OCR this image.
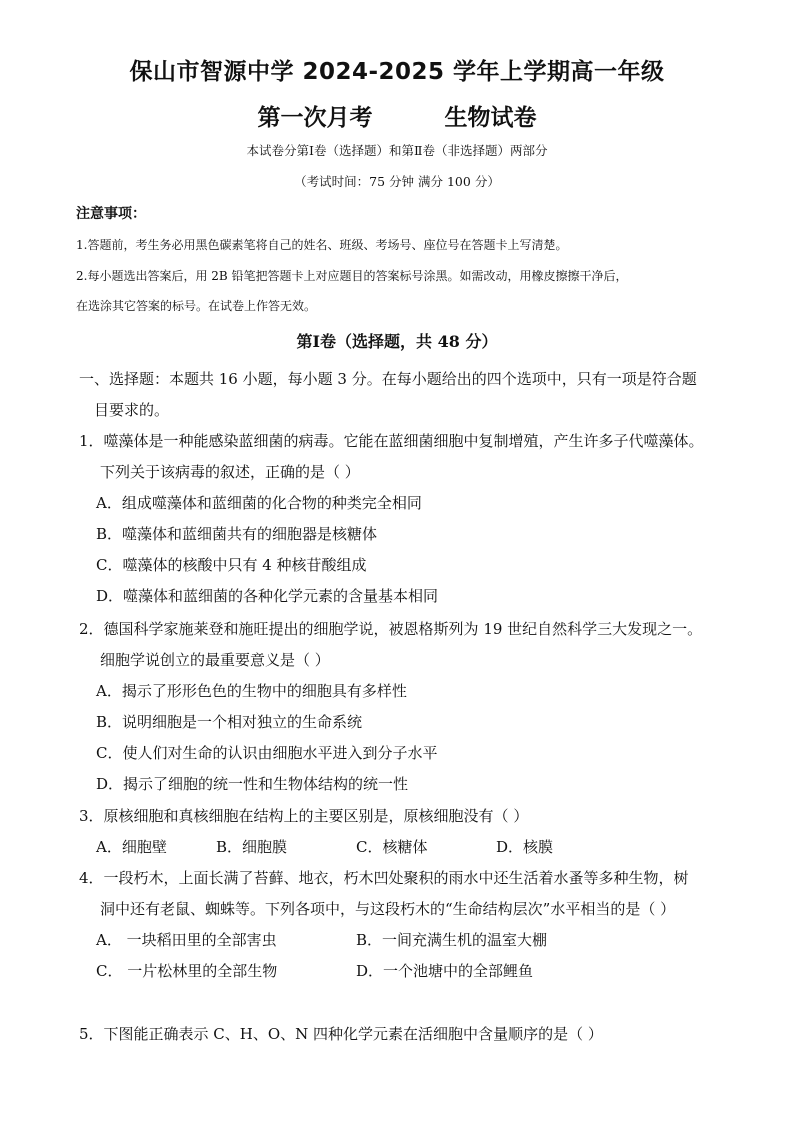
保山市智源中学 2024-2025 学年上学期高一年级
第一次月考         生物试卷
本试卷分第Ⅰ卷（选择题）和第Ⅱ卷（非选择题）两部分
（考试时间：75 分钟 满分 100 分）
注意事项：
1.答题前，考生务必用黑色碳素笔将自己的姓名、班级、考场号、座位号在答题卡上写清楚。
2.每小题选出答案后，用 2B 铅笔把答题卡上对应题目的答案标号涂黑。如需改动，用橡皮擦擦干净后，
在选涂其它答案的标号。在试卷上作答无效。
第Ⅰ卷（选择题，共 48 分）
一、选择题：本题共 16 小题，每小题 3 分。在每小题给出的四个选项中，只有一项是符合题
目要求的。
1．噬藻体是一种能感染蓝细菌的病毒。它能在蓝细菌细胞中复制增殖，产生许多子代噬藻体。
下列关于该病毒的叙述，正确的是（ ）
A．组成噬藻体和蓝细菌的化合物的种类完全相同
B．噬藻体和蓝细菌共有的细胞器是核糖体
C．噬藻体的核酸中只有 4 种核苷酸组成
D．噬藻体和蓝细菌的各种化学元素的含量基本相同
2．德国科学家施莱登和施旺提出的细胞学说，被恩格斯列为 19 世纪自然科学三大发现之一。
细胞学说创立的最重要意义是（ ）
A．揭示了形形色色的生物中的细胞具有多样性
B．说明细胞是一个相对独立的生命系统
C．使人们对生命的认识由细胞水平进入到分子水平
D．揭示了细胞的统一性和生物体结构的统一性
3．原核细胞和真核细胞在结构上的主要区别是，原核细胞没有（ ）
A．细胞壁	B．细胞膜	C．核糖体	D．核膜
4．一段朽木，上面长满了苔藓、地衣，朽木凹处聚积的雨水中还生活着水蚤等多种生物，树
洞中还有老鼠、蜘蛛等。下列各项中，与这段朽木的“生命结构层次”水平相当的是（ ）
A． 一块稻田里的全部害虫	B．一间充满生机的温室大棚
C． 一片松林里的全部生物	D．一个池塘中的全部鲤鱼
5．下图能正确表示 C、H、O、N 四种化学元素在活细胞中含量顺序的是（ ）
